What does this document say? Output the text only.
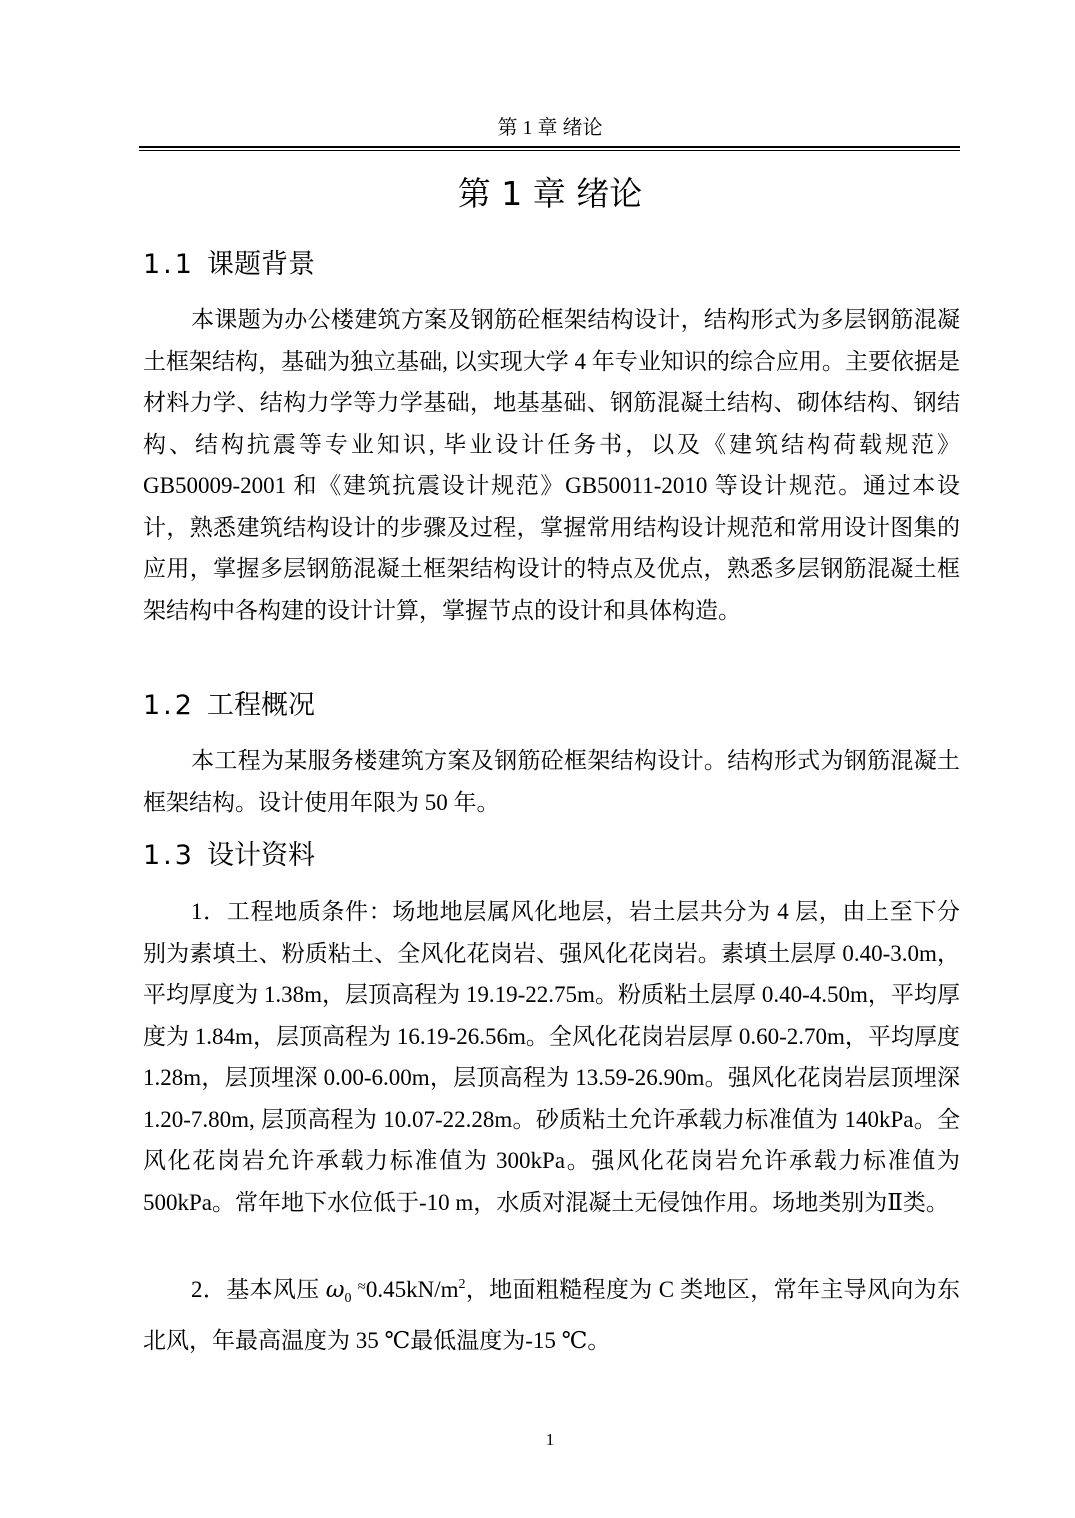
第 1 章 绪论
第 1 章 绪论
1.1 课题背景

本课题为办公楼建筑方案及钢筋砼框架结构设计，结构形式为多层钢筋混凝土框架结构，基础为独立基础, 以实现大学 4 年专业知识的综合应用。主要依据是材料力学、结构力学等力学基础，地基基础、钢筋混凝土结构、砌体结构、钢结构、结构抗震等专业知识, 毕业设计任务书，以及《建筑结构荷载规范》GB50009-2001 和《建筑抗震设计规范》GB50011-2010 等设计规范。通过本设计，熟悉建筑结构设计的步骤及过程，掌握常用结构设计规范和常用设计图集的应用，掌握多层钢筋混凝土框架结构设计的特点及优点，熟悉多层钢筋混凝土框架结构中各构建的设计计算，掌握节点的设计和具体构造。

1.2 工程概况

本工程为某服务楼建筑方案及钢筋砼框架结构设计。结构形式为钢筋混凝土框架结构。设计使用年限为 50 年。

1.3 设计资料

1．工程地质条件：场地地层属风化地层，岩土层共分为 4 层，由上至下分别为素填土、粉质粘土、全风化花岗岩、强风化花岗岩。素填土层厚 0.40-3.0m，平均厚度为 1.38m，层顶高程为 19.19-22.75m。粉质粘土层厚 0.40-4.50m，平均厚度为 1.84m，层顶高程为 16.19-26.56m。全风化花岗岩层厚 0.60-2.70m，平均厚度 1.28m，层顶埋深 0.00-6.00m，层顶高程为 13.59-26.90m。强风化花岗岩层顶埋深 1.20-7.80m, 层顶高程为 10.07-22.28m。砂质粘土允许承载力标准值为 140kPa。全风化花岗岩允许承载力标准值为 300kPa。强风化花岗岩允许承载力标准值为 500kPa。常年地下水位低于-10 m，水质对混凝土无侵蚀作用。场地类别为Ⅱ类。

2．基本风压 $\omega_0$ $^\approx 0.45kN/m^2$，地面粗糙程度为 C 类地区，常年主导风向为东北风，年最高温度为 35 ℃最低温度为-15 ℃。

1
